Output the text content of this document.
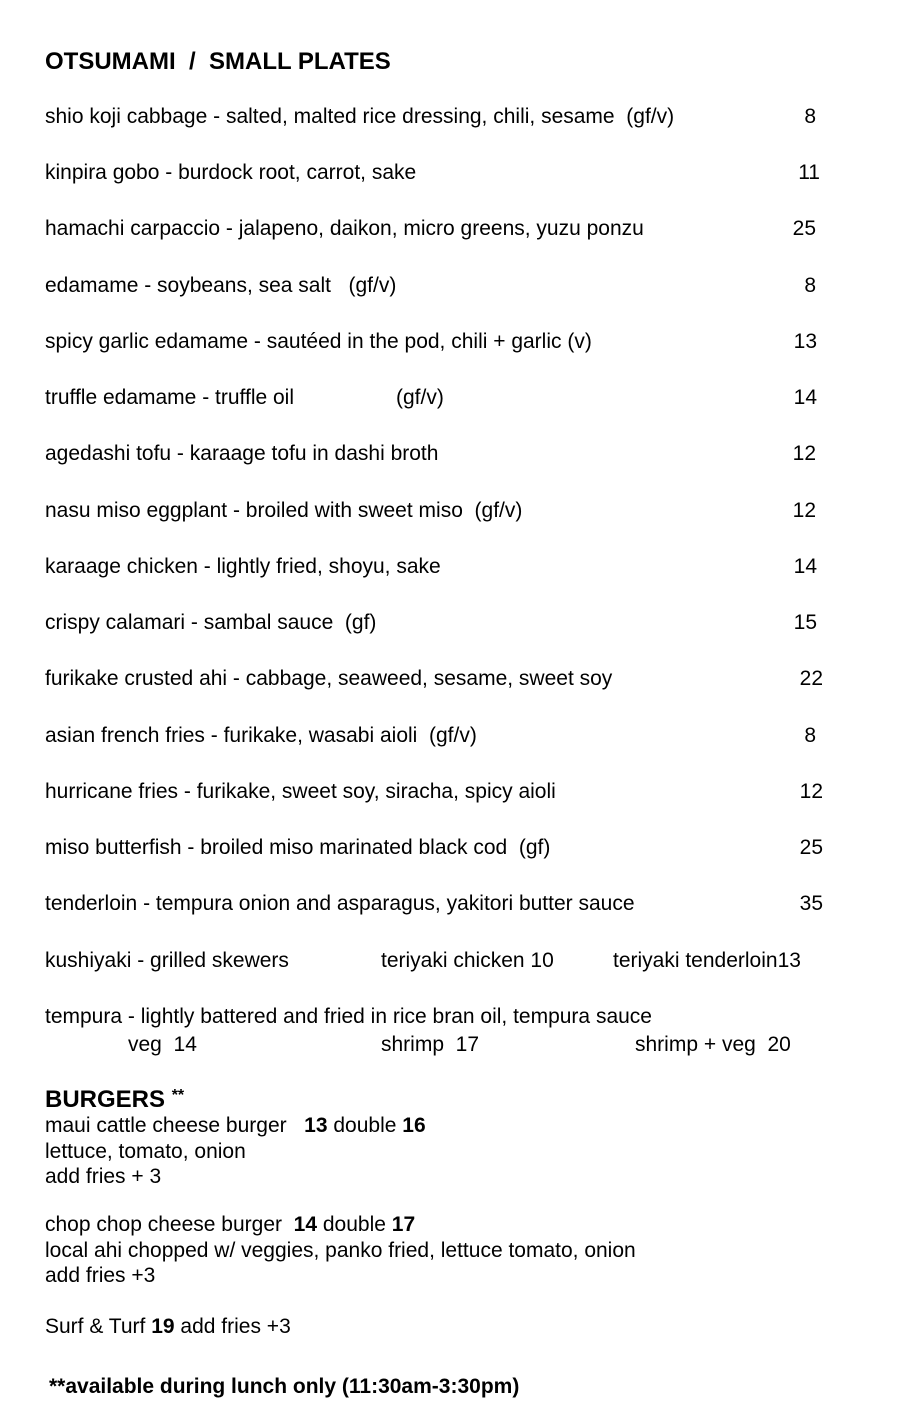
OTSUMAMI  /  SMALL PLATES
shio koji cabbage - salted, malted rice dressing, chili, sesame  (gf/v)	8
kinpira gobo - burdock root, carrot, sake	11
hamachi carpaccio - jalapeno, daikon, micro greens, yuzu ponzu	25
edamame - soybeans, sea salt   (gf/v)	8
spicy garlic edamame - sautéed in the pod, chili + garlic (v)	13
truffle edamame - truffle oil	(gf/v)	14
agedashi tofu - karaage tofu in dashi broth	12
nasu miso eggplant - broiled with sweet miso  (gf/v)	12
karaage chicken - lightly fried, shoyu, sake	14
crispy calamari - sambal sauce  (gf)	15
furikake crusted ahi - cabbage, seaweed, sesame, sweet soy	22
asian french fries - furikake, wasabi aioli  (gf/v)	8
hurricane fries - furikake, sweet soy, siracha, spicy aioli	12
miso butterfish - broiled miso marinated black cod  (gf)	25
tenderloin - tempura onion and asparagus, yakitori butter sauce	35
kushiyaki - grilled skewers	teriyaki chicken 10	teriyaki tenderloin13
tempura - lightly battered and fried in rice bran oil, tempura sauce
veg  14	shrimp  17	shrimp + veg  20
BURGERS **
maui cattle cheese burger 13 double 16
lettuce, tomato, onion
add fries + 3
chop chop cheese burger 14 double 17
local ahi chopped w/ veggies, panko fried, lettuce tomato, onion
add fries +3
Surf & Turf 19 add fries +3
**available during lunch only (11:30am-3:30pm)
